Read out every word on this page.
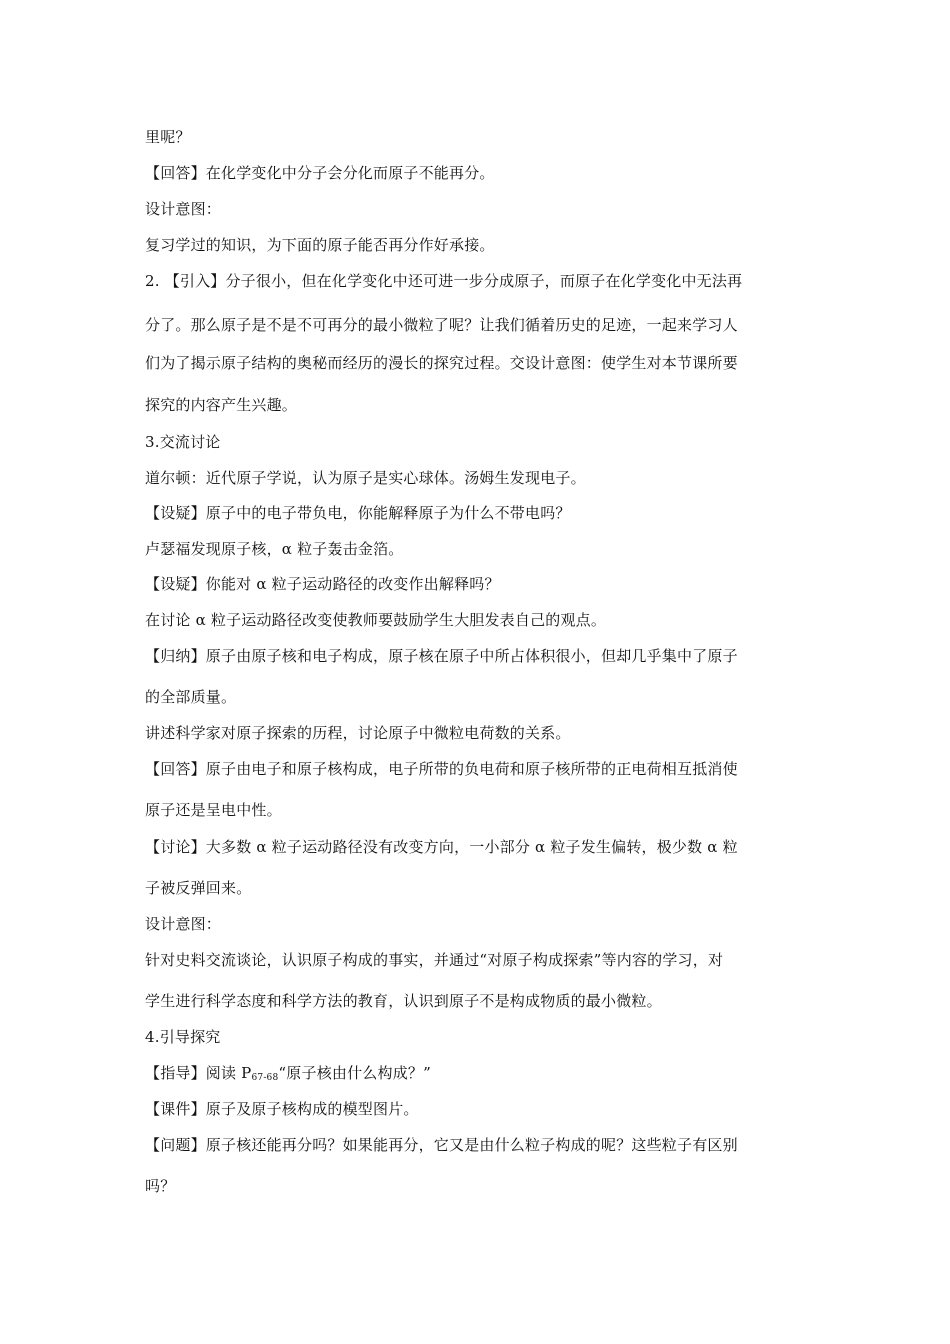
里呢？
【回答】在化学变化中分子会分化而原子不能再分。
设计意图：
复习学过的知识，为下面的原子能否再分作好承接。
2. 【引入】分子很小，但在化学变化中还可进一步分成原子，而原子在化学变化中无法再
分了。那么原子是不是不可再分的最小微粒了呢？让我们循着历史的足迹，一起来学习人
们为了揭示原子结构的奥秘而经历的漫长的探究过程。交设计意图：使学生对本节课所要
探究的内容产生兴趣。
3.交流讨论
道尔顿：近代原子学说，认为原子是实心球体。汤姆生发现电子。
【设疑】原子中的电子带负电，你能解释原子为什么不带电吗？
卢瑟福发现原子核，α 粒子轰击金箔。
【设疑】你能对 α 粒子运动路径的改变作出解释吗？
在讨论 α 粒子运动路径改变使教师要鼓励学生大胆发表自己的观点。
【归纳】原子由原子核和电子构成，原子核在原子中所占体积很小，但却几乎集中了原子
的全部质量。
讲述科学家对原子探索的历程，讨论原子中微粒电荷数的关系。
【回答】原子由电子和原子核构成，电子所带的负电荷和原子核所带的正电荷相互抵消使
原子还是呈电中性。
【讨论】大多数 α 粒子运动路径没有改变方向，一小部分 α 粒子发生偏转，极少数 α 粒
子被反弹回来。
设计意图：
针对史料交流谈论，认识原子构成的事实，并通过“对原子构成探索”等内容的学习，对
学生进行科学态度和科学方法的教育，认识到原子不是构成物质的最小微粒。
4.引导探究
【指导】阅读 $P_{67-68}“$原子核由什么构成？”
【课件】原子及原子核构成的模型图片。
【问题】原子核还能再分吗？如果能再分，它又是由什么粒子构成的呢？这些粒子有区别
吗？
